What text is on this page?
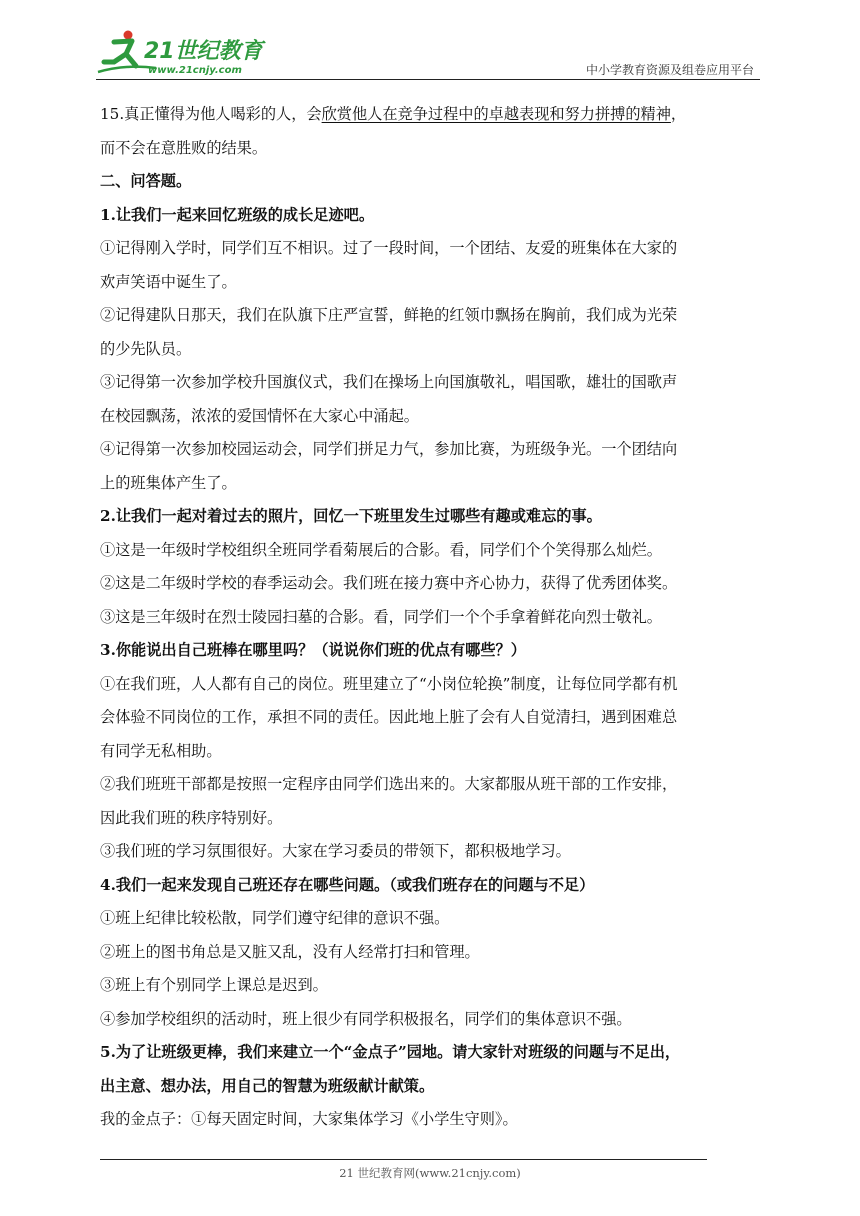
21世纪教育
www.21cnjy.com	中小学教育资源及组卷应用平台

15.真正懂得为他人喝彩的人，会欣赏他人在竞争过程中的卓越表现和努力拼搏的精神，

而不会在意胜败的结果。

二、问答题。

1.让我们一起来回忆班级的成长足迹吧。

①记得刚入学时，同学们互不相识。过了一段时间，一个团结、友爱的班集体在大家的

欢声笑语中诞生了。

②记得建队日那天，我们在队旗下庄严宣誓，鲜艳的红领巾飘扬在胸前，我们成为光荣

的少先队员。

③记得第一次参加学校升国旗仪式，我们在操场上向国旗敬礼，唱国歌，雄壮的国歌声

在校园飘荡，浓浓的爱国情怀在大家心中涌起。

④记得第一次参加校园运动会，同学们拼足力气，参加比赛，为班级争光。一个团结向

上的班集体产生了。

2.让我们一起对着过去的照片，回忆一下班里发生过哪些有趣或难忘的事。

①这是一年级时学校组织全班同学看菊展后的合影。看，同学们个个笑得那么灿烂。

②这是二年级时学校的春季运动会。我们班在接力赛中齐心协力，获得了优秀团体奖。

③这是三年级时在烈士陵园扫墓的合影。看，同学们一个个手拿着鲜花向烈士敬礼。

3.你能说出自己班棒在哪里吗？（说说你们班的优点有哪些？）

①在我们班，人人都有自己的岗位。班里建立了“小岗位轮换”制度，让每位同学都有机

会体验不同岗位的工作，承担不同的责任。因此地上脏了会有人自觉清扫，遇到困难总

有同学无私相助。

②我们班班干部都是按照一定程序由同学们选出来的。大家都服从班干部的工作安排，

因此我们班的秩序特别好。

③我们班的学习氛围很好。大家在学习委员的带领下，都积极地学习。

4.我们一起来发现自己班还存在哪些问题。（或我们班存在的问题与不足）

①班上纪律比较松散，同学们遵守纪律的意识不强。

②班上的图书角总是又脏又乱，没有人经常打扫和管理。

③班上有个别同学上课总是迟到。

④参加学校组织的活动时，班上很少有同学积极报名，同学们的集体意识不强。

5.为了让班级更棒，我们来建立一个“金点子”园地。请大家针对班级的问题与不足出，

出主意、想办法，用自己的智慧为班级献计献策。

我的金点子：①每天固定时间，大家集体学习《小学生守则》。

21 世纪教育网(www.21cnjy.com)
